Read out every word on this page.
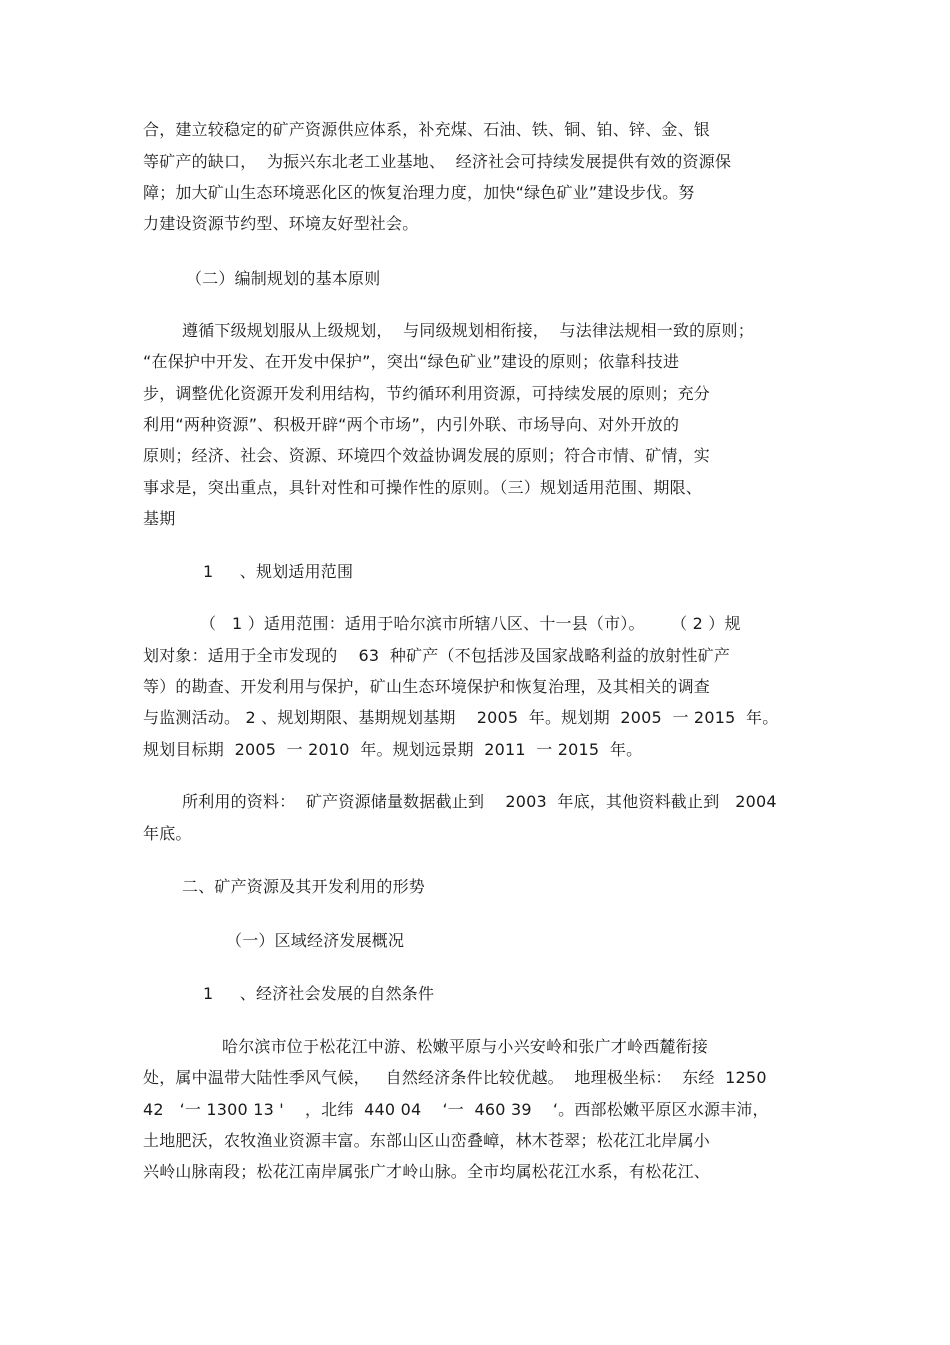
合，建立较稳定的矿产资源供应体系，补充煤、石油、铁、铜、铂、锌、金、银
等矿产的缺口，  为振兴东北老工业基地、  经济社会可持续发展提供有效的资源保
障；加大矿山生态环境恶化区的恢复治理力度，加快“绿色矿业”建设步伐。努
力建设资源节约型、环境友好型社会。
（二）编制规划的基本原则
遵循下级规划服从上级规划，  与同级规划相衔接，  与法律法规相一致的原则；
“在保护中开发、在开发中保护”，突出“绿色矿业”建设的原则；依靠科技进
步，调整优化资源开发利用结构，节约循环利用资源，可持续发展的原则；充分
利用“两种资源”、积极开辟“两个市场”，内引外联、市场导向、对外开放的
原则；经济、社会、资源、环境四个效益协调发展的原则；符合市情、矿情，实
事求是，突出重点，具针对性和可操作性的原则。（三）规划适用范围、期限、
基期
1     、规划适用范围
（   1 ）适用范围：适用于哈尔滨市所辖八区、十一县（市）。     （ 2 ）规
划对象：适用于全市发现的    63  种矿产（不包括涉及国家战略利益的放射性矿产
等）的勘查、开发利用与保护，矿山生态环境保护和恢复治理，及其相关的调查
与监测活动。 2 、规划期限、基期规划基期    2005  年。规划期  2005  一 2015  年。
规划目标期  2005  一 2010  年。规划远景期  2011  一 2015  年。
所利用的资料：  矿产资源储量数据截止到    2003  年底，其他资料截止到   2004
年底。
二、矿产资源及其开发利用的形势
（一）区域经济发展概况
1     、经济社会发展的自然条件
哈尔滨市位于松花江中游、松嫩平原与小兴安岭和张广才岭西麓衔接
处，属中温带大陆性季风气候，   自然经济条件比较优越。  地理极坐标：  东经  1250
42   ‘一 1300 13 '    ，北纬  440 04    ‘一  460 39    ‘。西部松嫩平原区水源丰沛，
土地肥沃，农牧渔业资源丰富。东部山区山峦叠嶂，林木苍翠；松花江北岸属小
兴岭山脉南段；松花江南岸属张广才岭山脉。全市均属松花江水系，有松花江、
